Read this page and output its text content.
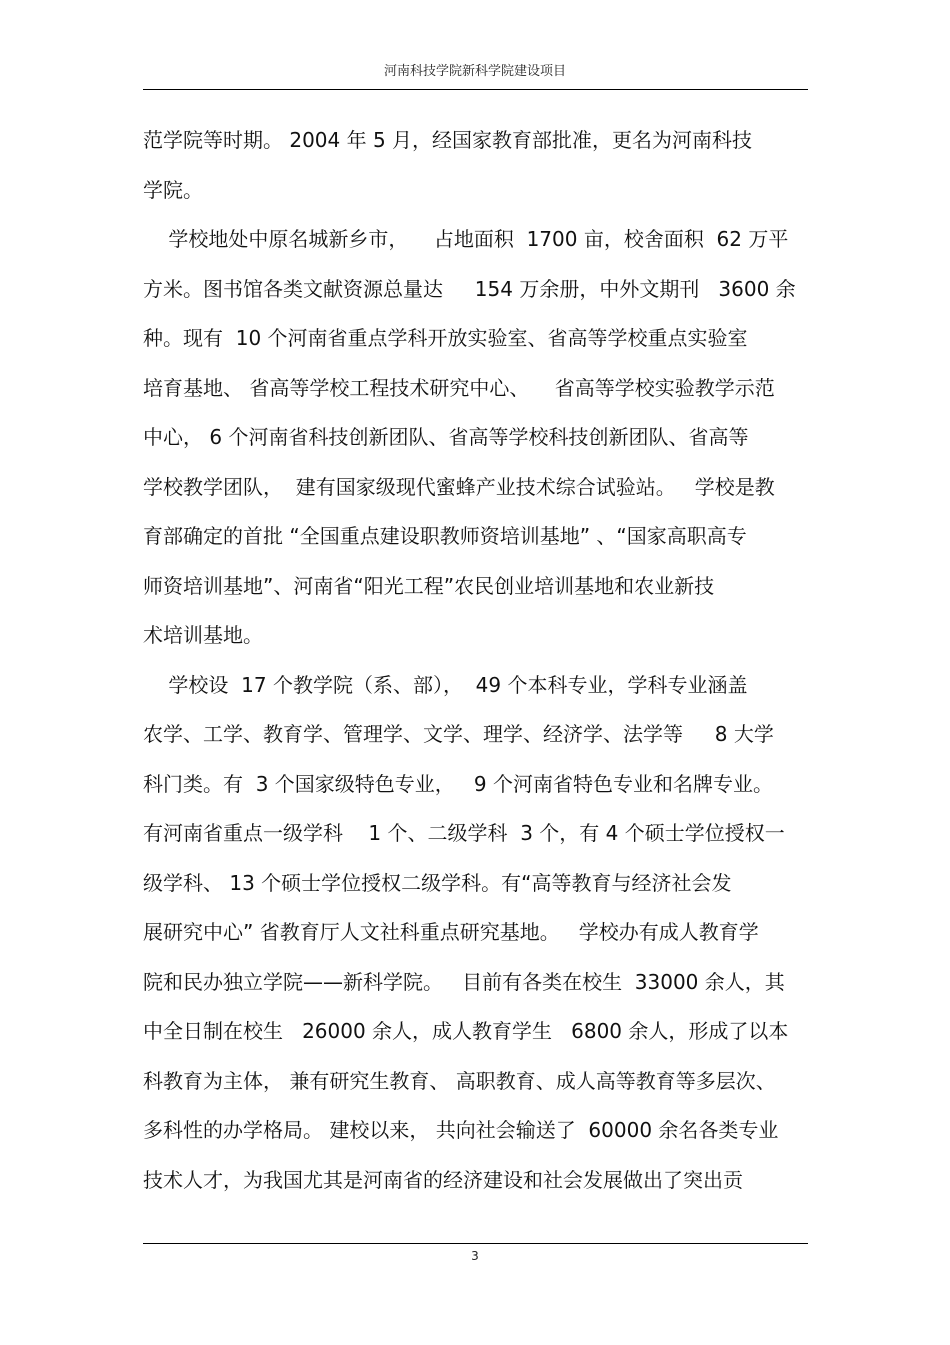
河南科技学院新科学院建设项目
范学院等时期。 2004 年 5 月，经国家教育部批准，更名为河南科技
学院。
学校地处中原名城新乡市，    占地面积  1700 亩，校舍面积  62 万平
方米。图书馆各类文献资源总量达     154 万余册，中外文期刊   3600 余
种。现有  10 个河南省重点学科开放实验室、省高等学校重点实验室
培育基地、 省高等学校工程技术研究中心、    省高等学校实验教学示范
中心， 6 个河南省科技创新团队、省高等学校科技创新团队、省高等
学校教学团队，  建有国家级现代蜜蜂产业技术综合试验站。   学校是教
育部确定的首批 “全国重点建设职教师资培训基地” 、“国家高职高专
师资培训基地”、河南省“阳光工程”农民创业培训基地和农业新技
术培训基地。
学校设  17 个教学院（系、部），  49 个本科专业，学科专业涵盖
农学、工学、教育学、管理学、文学、理学、经济学、法学等     8 大学
科门类。有  3 个国家级特色专业，   9 个河南省特色专业和名牌专业。
有河南省重点一级学科    1 个、二级学科  3 个，有 4 个硕士学位授权一
级学科、 13 个硕士学位授权二级学科。有“高等教育与经济社会发
展研究中心” 省教育厅人文社科重点研究基地。   学校办有成人教育学
院和民办独立学院——新科学院。   目前有各类在校生  33000 余人，其
中全日制在校生   26000 余人，成人教育学生   6800 余人，形成了以本
科教育为主体， 兼有研究生教育、 高职教育、成人高等教育等多层次、
多科性的办学格局。 建校以来， 共向社会输送了  60000 余名各类专业
技术人才，为我国尤其是河南省的经济建设和社会发展做出了突出贡
3
